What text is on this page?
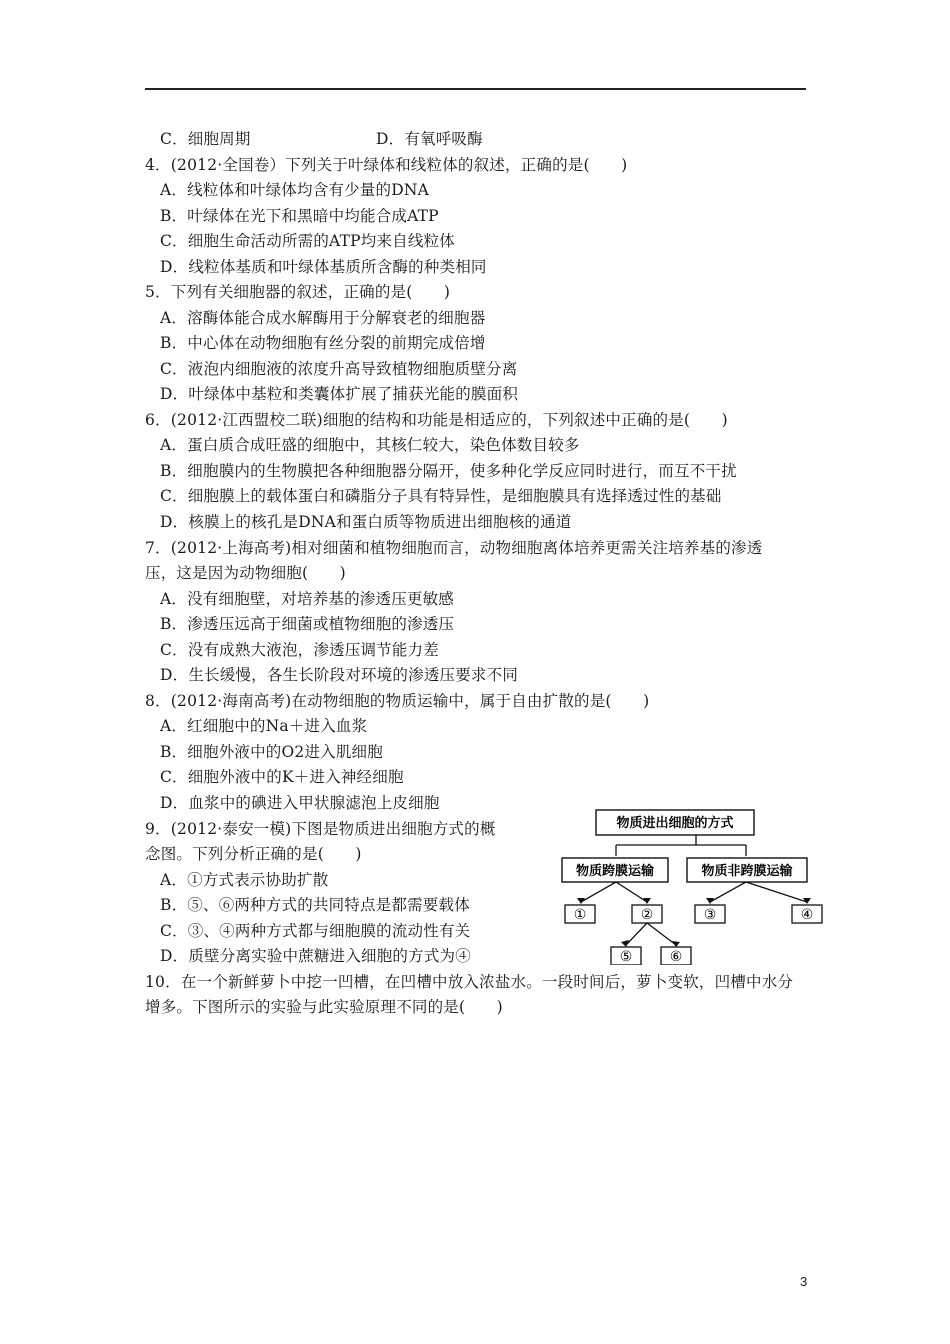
C．细胞周期	D．有氧呼吸酶
4．(2012·全国卷）下列关于叶绿体和线粒体的叙述，正确的是(　　)
A．线粒体和叶绿体均含有少量的DNA
B．叶绿体在光下和黑暗中均能合成ATP
C．细胞生命活动所需的ATP均来自线粒体
D．线粒体基质和叶绿体基质所含酶的种类相同
5．下列有关细胞器的叙述，正确的是(　　)
A．溶酶体能合成水解酶用于分解衰老的细胞器
B．中心体在动物细胞有丝分裂的前期完成倍增
C．液泡内细胞液的浓度升高导致植物细胞质壁分离
D．叶绿体中基粒和类囊体扩展了捕获光能的膜面积
6．(2012·江西盟校二联)细胞的结构和功能是相适应的，下列叙述中正确的是(　　)
A．蛋白质合成旺盛的细胞中，其核仁较大，染色体数目较多
B．细胞膜内的生物膜把各种细胞器分隔开，使多种化学反应同时进行，而互不干扰
C．细胞膜上的载体蛋白和磷脂分子具有特异性，是细胞膜具有选择透过性的基础
D．核膜上的核孔是DNA和蛋白质等物质进出细胞核的通道
7．(2012·上海高考)相对细菌和植物细胞而言，动物细胞离体培养更需关注培养基的渗透
压，这是因为动物细胞(　　)
A．没有细胞壁，对培养基的渗透压更敏感
B．渗透压远高于细菌或植物细胞的渗透压
C．没有成熟大液泡，渗透压调节能力差
D．生长缓慢，各生长阶段对环境的渗透压要求不同
8．(2012·海南高考)在动物细胞的物质运输中，属于自由扩散的是(　　)
A．红细胞中的Na＋进入血浆
B．细胞外液中的O2进入肌细胞
C．细胞外液中的K＋进入神经细胞
D．血浆中的碘进入甲状腺滤泡上皮细胞
9．(2012·泰安一模)下图是物质进出细胞方式的概
念图。下列分析正确的是(　　)
A．①方式表示协助扩散
B．⑤、⑥两种方式的共同特点是都需要载体
C．③、④两种方式都与细胞膜的流动性有关
D．质壁分离实验中蔗糖进入细胞的方式为④
10．在一个新鲜萝卜中挖一凹槽，在凹槽中放入浓盐水。一段时间后，萝卜变软，凹槽中水分
增多。下图所示的实验与此实验原理不同的是(　　)
物质进出细胞的方式
物质跨膜运输	物质非跨膜运输
①	②	③	④
⑤	⑥
3
